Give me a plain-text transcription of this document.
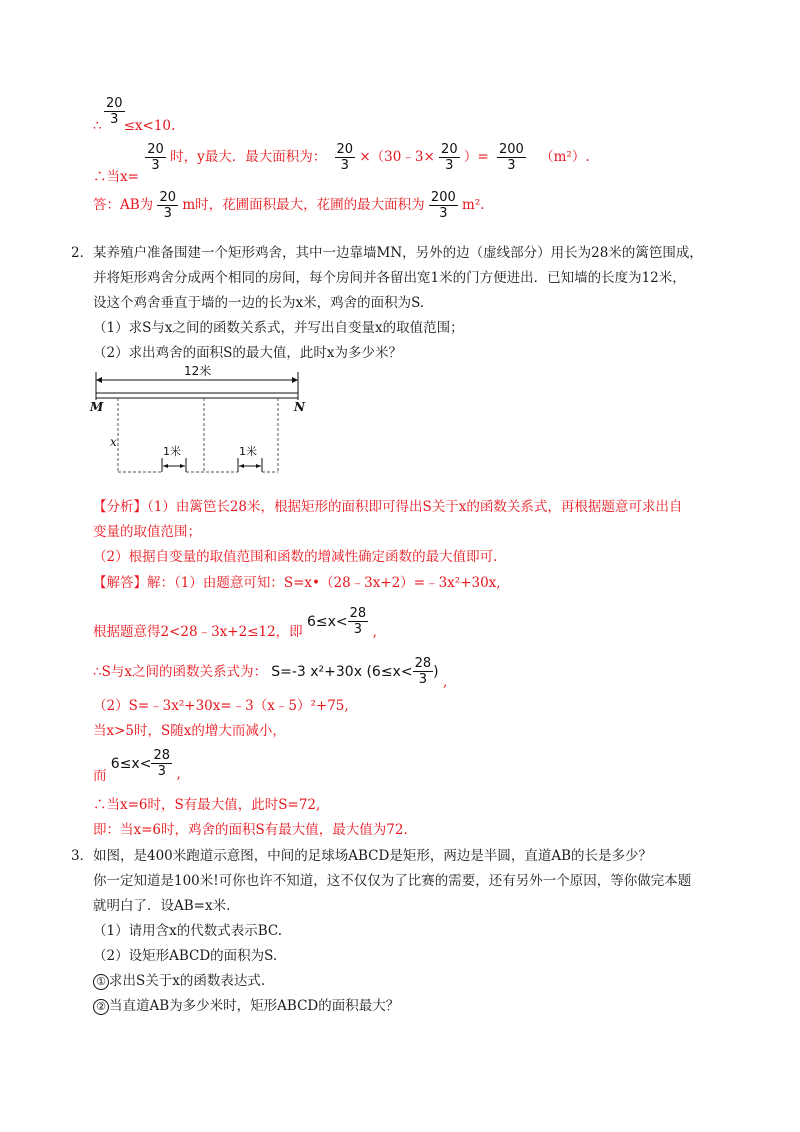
$\frac{20}{3}$
∴ ≤x<10.
∴当x=
$\frac{20}{3}$ 时，y最大．最大面积为： $\frac{20}{3}$ ×（30﹣3× $\frac{20}{3}$ ）= $\frac{200}{3} (m^2)$.
答：AB为 $\frac{20}{3}$ m时，花圃面积最大，花圃的最大面积为 $\frac{200}{3} m^2$.
2． 某养殖户准备围建一个矩形鸡舍，其中一边靠墙MN，另外的边（虚线部分）用长为28米的篱笆围成，
并将矩形鸡舍分成两个相同的房间，每个房间并各留出宽1米的门方便进出．已知墙的长度为12米，
设这个鸡舍垂直于墙的一边的长为x米，鸡舍的面积为S.
（1）求S与x之间的函数关系式，并写出自变量x的取值范围；
（2）求出鸡舍的面积S的最大值，此时x为多少米？
12米
M	N
x
1米	1米
【分析】（1）由篱笆长28米，根据矩形的面积即可得出S关于x的函数关系式，再根据题意可求出自
变量的取值范围；
（2）根据自变量的取值范围和函数的增减性确定函数的最大值即可.
【解答】解：（1）由题意可知：S=x•（28﹣3x+2）=﹣3x²+30x,
根据题意得2<28﹣3x+2≤12，即 $6\le x< \frac{28}{3}$ ,
∴S与x之间的函数关系式为： S=-3 x²+30x ($6\le x< \frac{28}{3}$ ) ,
（2）S=﹣3x²+30x=﹣3（x﹣5）²+75,
当x>5时，S随x的增大而减小，
而 $6\le x< \frac{28}{3}$ ,
∴当x=6时，S有最大值，此时S=72,
即：当x=6时，鸡舍的面积S有最大值，最大值为72.
3． 如图，是400米跑道示意图，中间的足球场ABCD是矩形，两边是半圆，直道AB的长是多少？
你一定知道是100米!可你也许不知道，这不仅仅为了比赛的需要，还有另外一个原因，等你做完本题
就明白了．设AB=x米.
（1）请用含x的代数式表示BC.
（2）设矩形ABCD的面积为S.
① 求出S关于x的函数表达式.
② 当直道AB为多少米时，矩形ABCD的面积最大？
